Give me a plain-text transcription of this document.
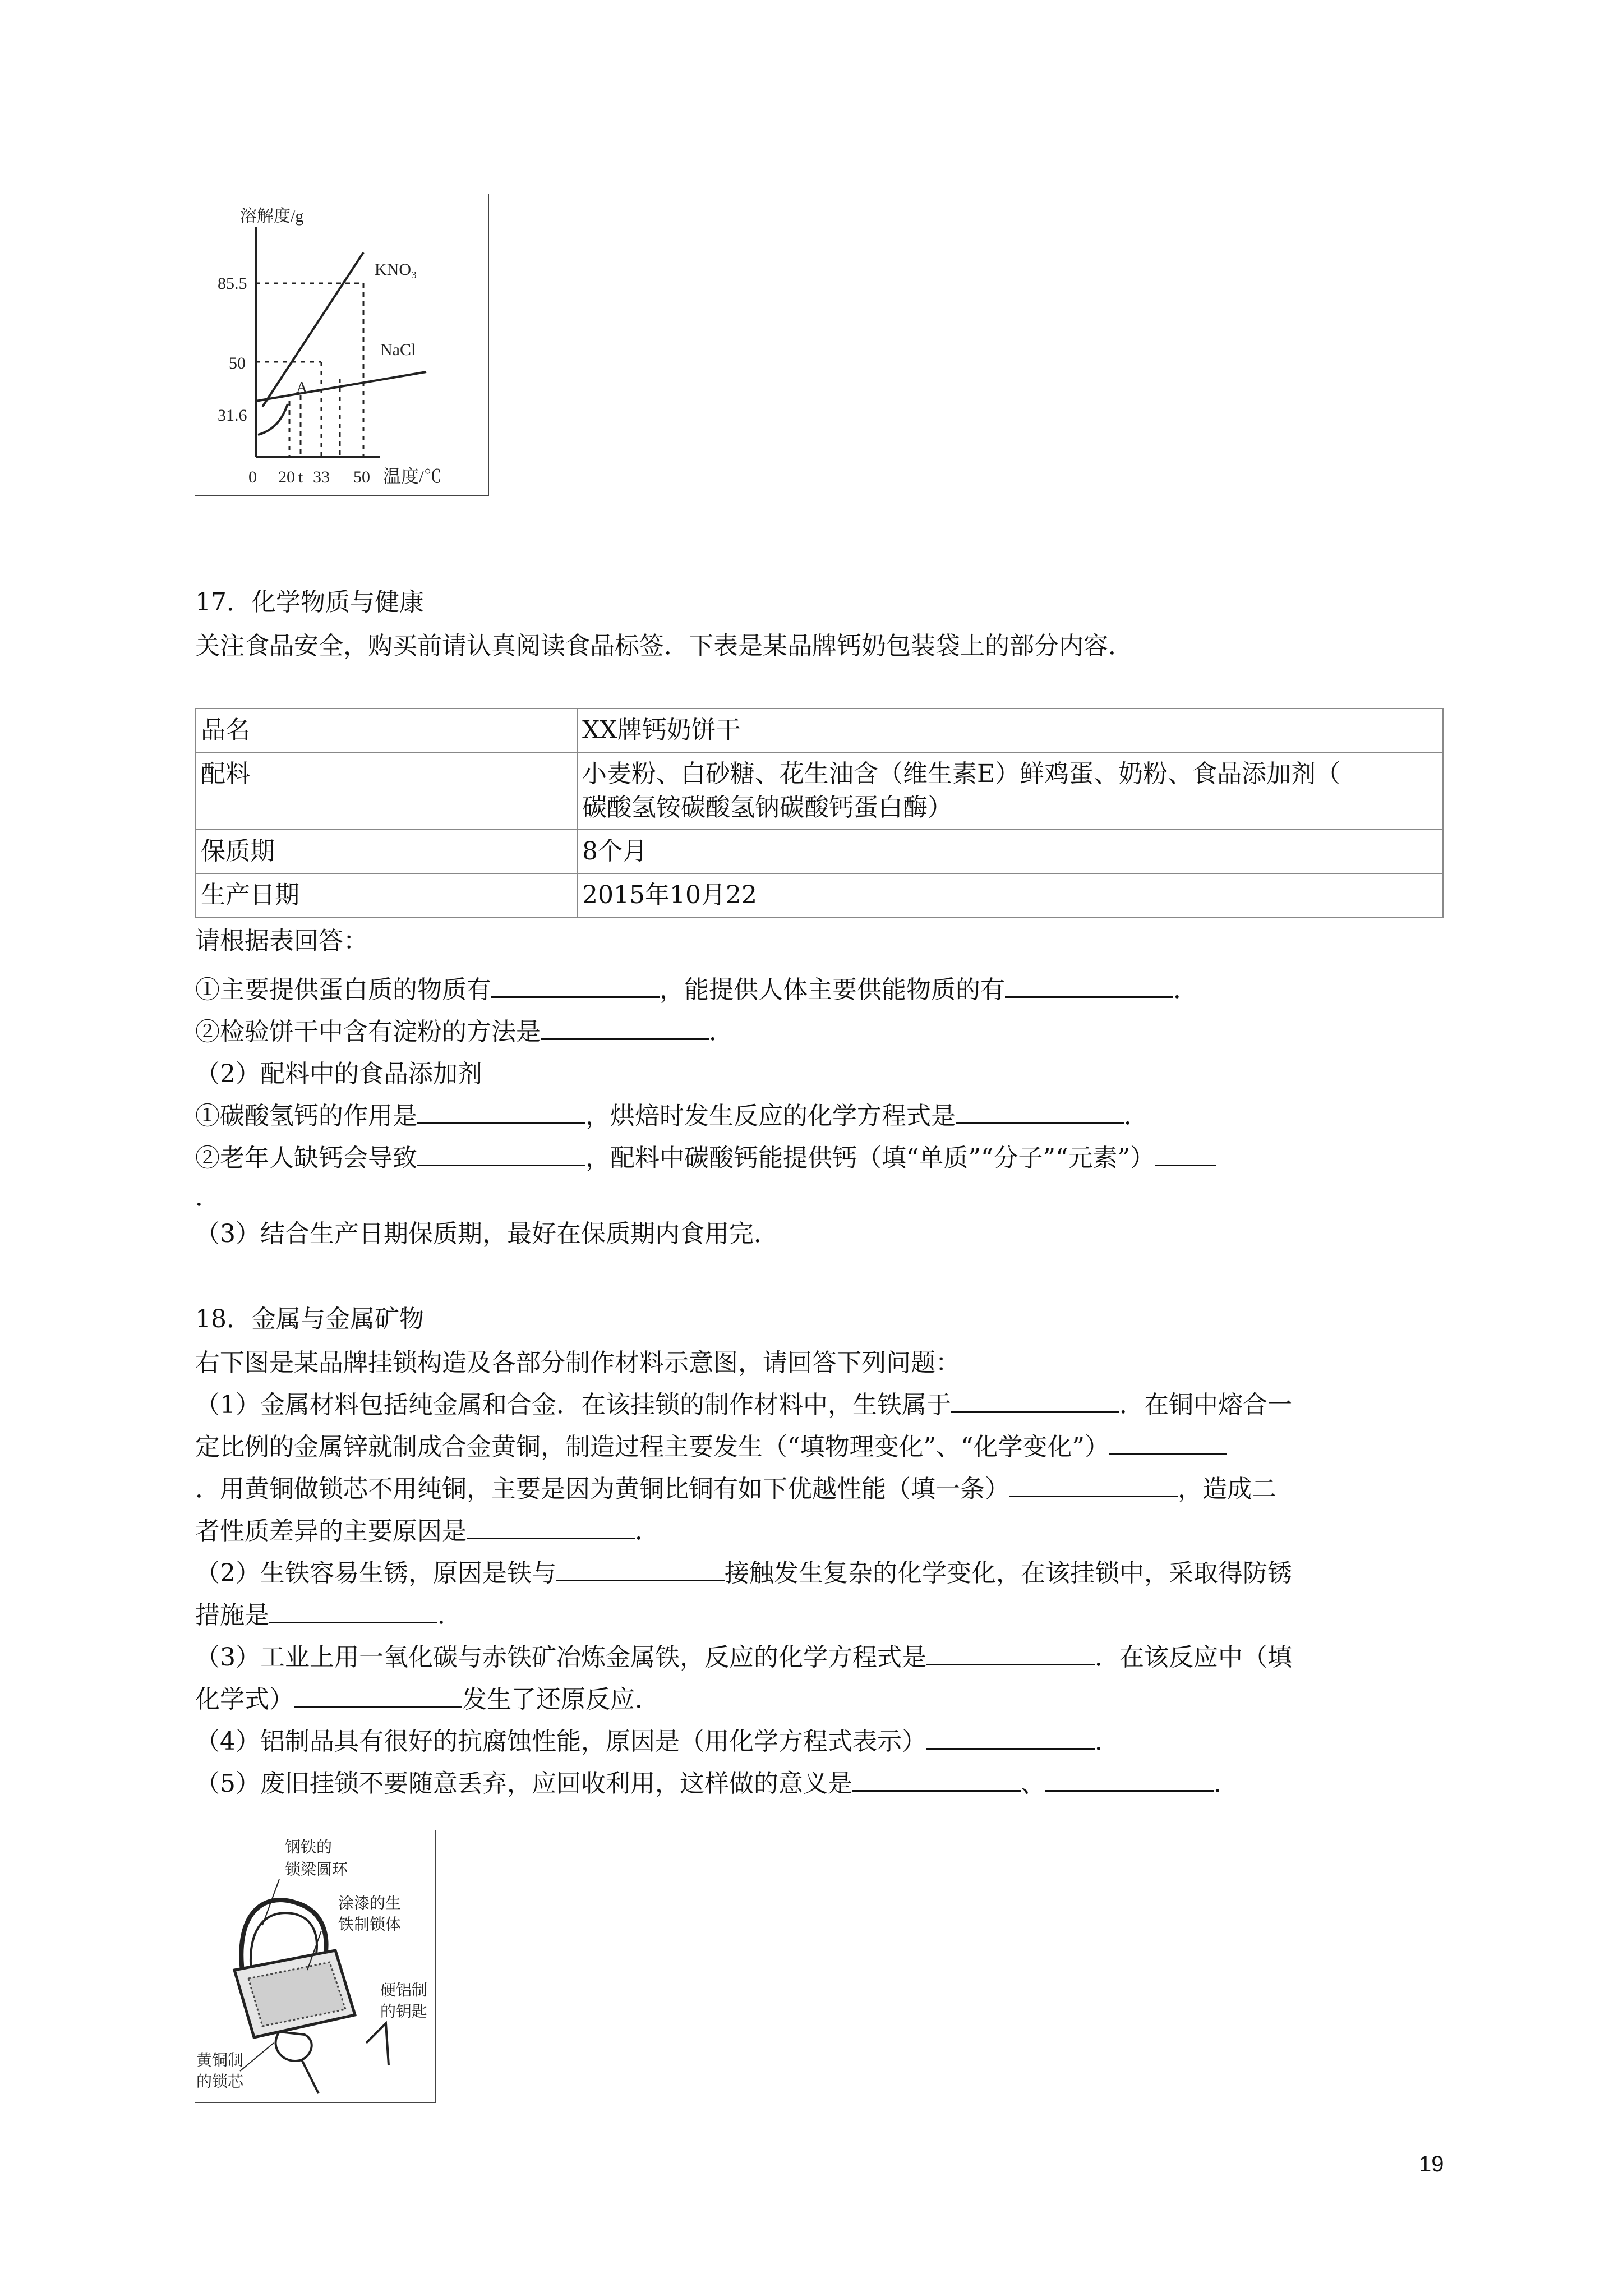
溶解度/g
85.5
50
31.6
0 20 t 33 50 温度/℃
KNO₃
NaCl
A
17．化学物质与健康
关注食品安全，购买前请认真阅读食品标签．下表是某品牌钙奶包装袋上的部分内容．
品名	XX牌钙奶饼干
配料	小麦粉、白砂糖、花生油含（维生素E）鲜鸡蛋、奶粉、食品添加剂（
碳酸氢铵碳酸氢钠碳酸钙蛋白酶）

保质期	8个月
生产日期	2015年10月22
请根据表回答：
①主要提供蛋白质的物质有	，能提供人体主要供能物质的有	．
②检验饼干中含有淀粉的方法是	．
（2）配料中的食品添加剂
①碳酸氢钙的作用是	，烘焙时发生反应的化学方程式是	．
②老年人缺钙会导致	，配料中碳酸钙能提供钙（填“单质”“分子”“元素”）
．
（3）结合生产日期保质期，最好在保质期内食用完．
18．金属与金属矿物
右下图是某品牌挂锁构造及各部分制作材料示意图，请回答下列问题：
（1）金属材料包括纯金属和合金．在该挂锁的制作材料中，生铁属于	．在铜中熔合一
定比例的金属锌就制成合金黄铜，制造过程主要发生（“填物理变化”、“化学变化”）
．用黄铜做锁芯不用纯铜，主要是因为黄铜比铜有如下优越性能（填一条）	，造成二
者性质差异的主要原因是	．
（2）生铁容易生锈，原因是铁与	接触发生复杂的化学变化，在该挂锁中，采取得防锈
措施是	．
（3）工业上用一氧化碳与赤铁矿冶炼金属铁，反应的化学方程式是	．在该反应中（填
化学式）	发生了还原反应．
（4）铝制品具有很好的抗腐蚀性能，原因是（用化学方程式表示）	．
（5）废旧挂锁不要随意丢弃，应回收利用，这样做的意义是	、	．
钢铁的
锁梁圆环
涂漆的生
铁制锁体
硬铝制
的钥匙
黄铜制
的锁芯
19
